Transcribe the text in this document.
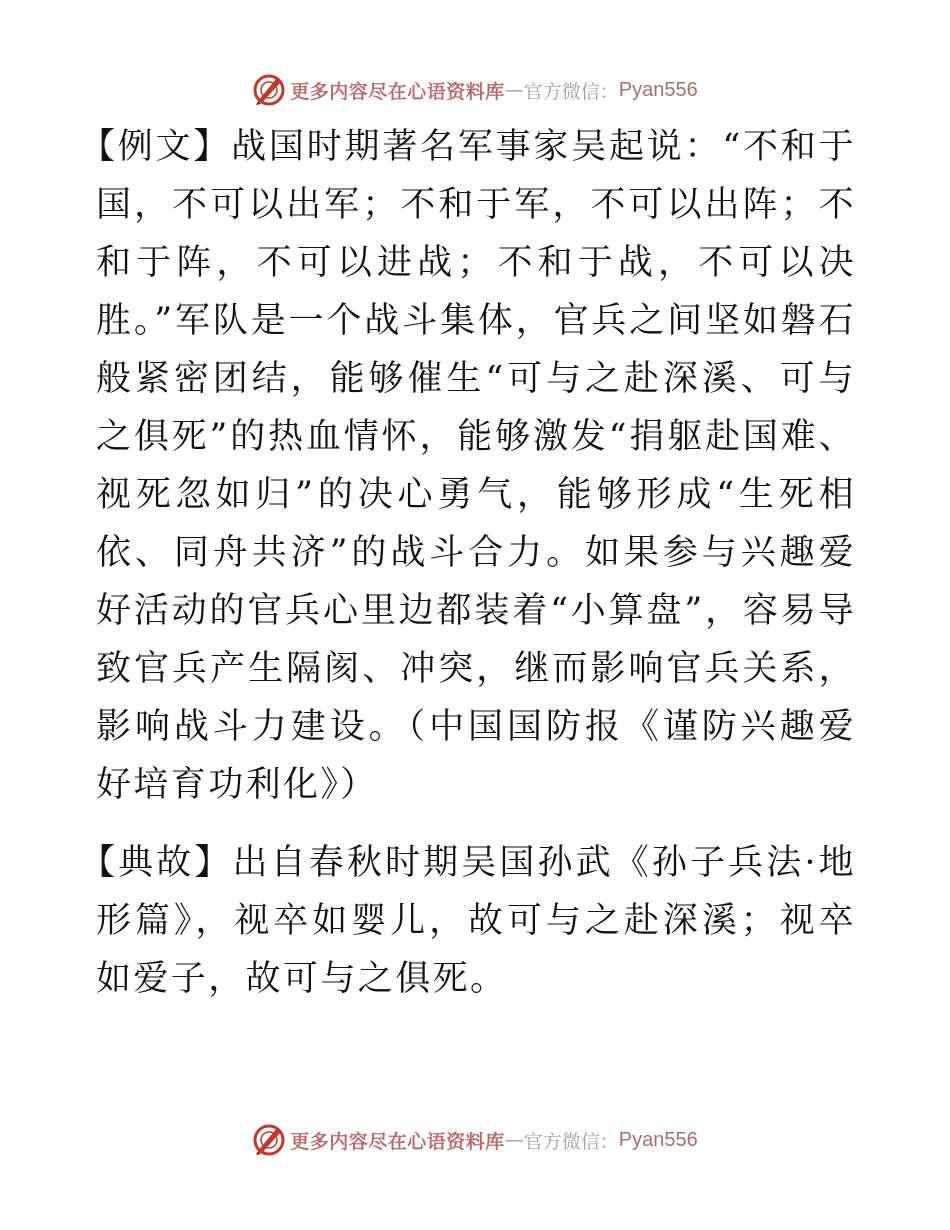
更多内容尽在心语资料库 — 官方微信： Pyan556

【例文】战国时期著名军事家吴起说：“不和于国，不可以出军；不和于军，不可以出阵；不和于阵，不可以进战；不和于战，不可以决胜。”军队是一个战斗集体，官兵之间坚如磐石般紧密团结，能够催生“可与之赴深溪、可与之俱死”的热血情怀，能够激发“捐躯赴国难、视死忽如归”的决心勇气，能够形成“生死相依、同舟共济”的战斗合力。如果参与兴趣爱好活动的官兵心里边都装着“小算盘”，容易导致官兵产生隔阂、冲突，继而影响官兵关系，影响战斗力建设。（中国国防报《谨防兴趣爱好培育功利化》）

【典故】出自春秋时期吴国孙武《孙子兵法·地形篇》，视卒如婴儿，故可与之赴深溪；视卒如爱子，故可与之俱死。

更多内容尽在心语资料库 — 官方微信： Pyan556
